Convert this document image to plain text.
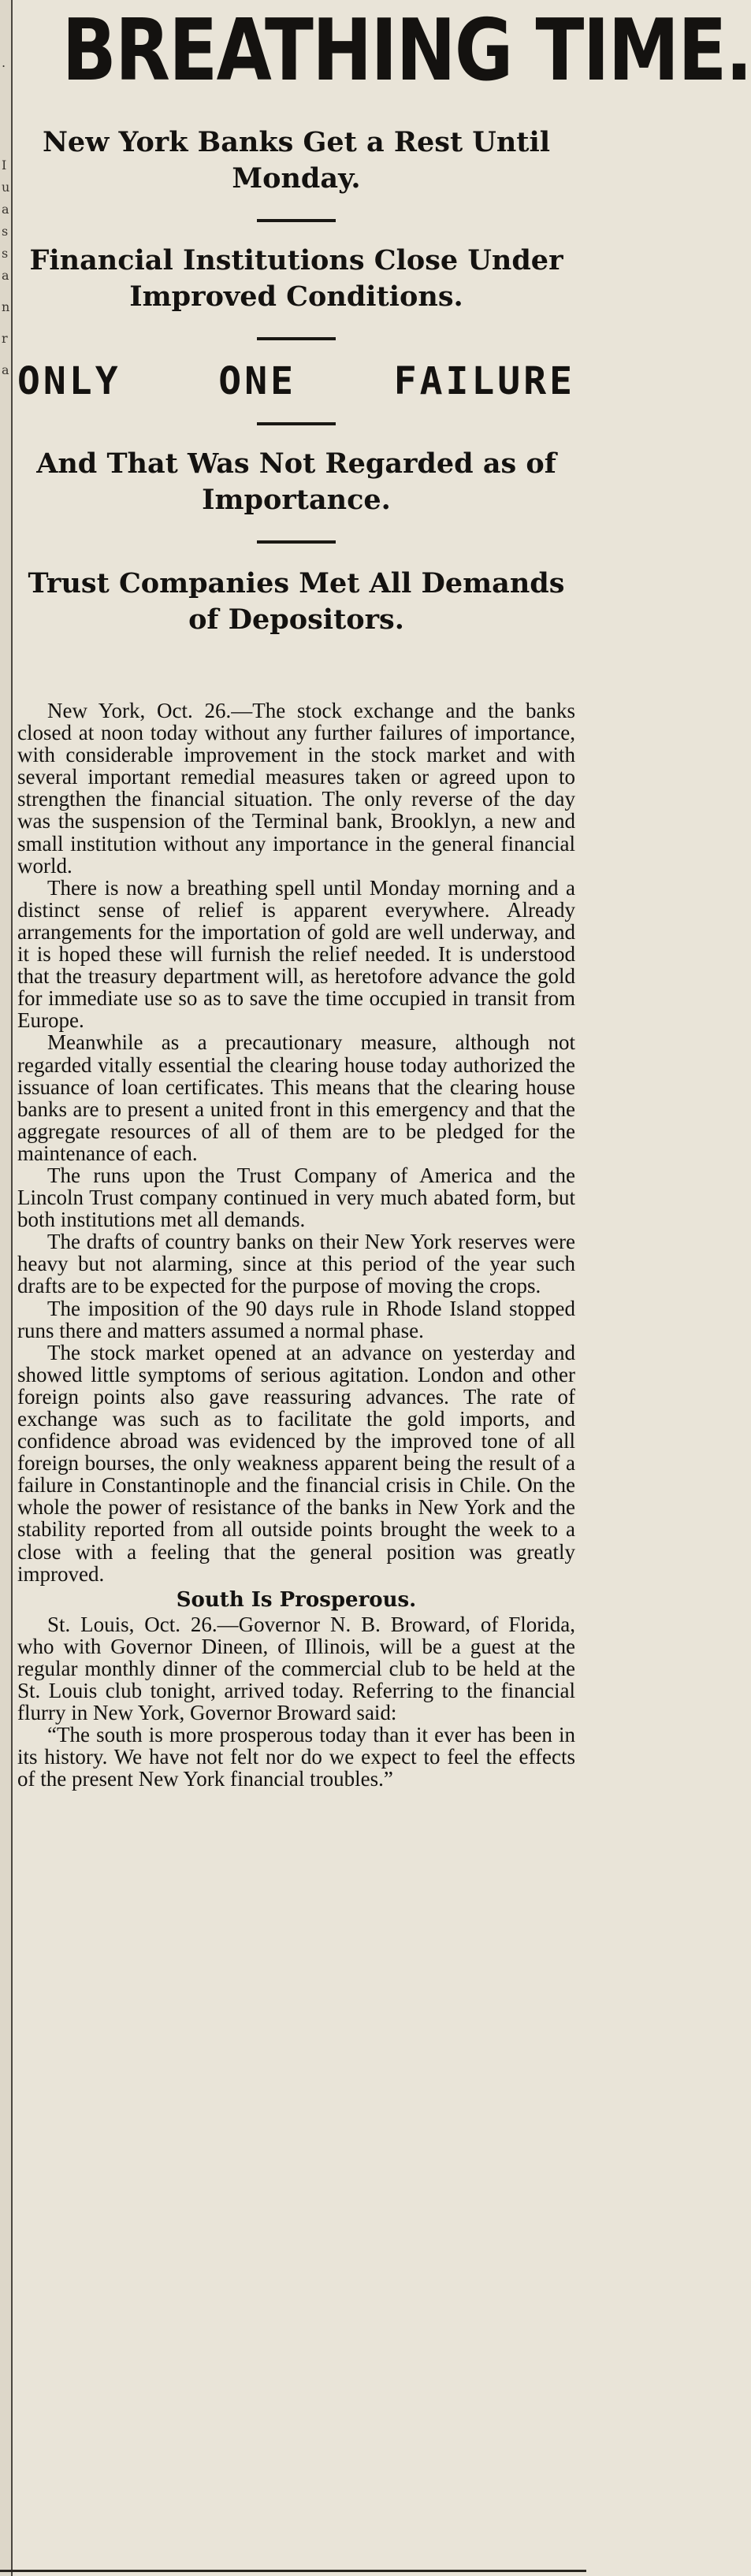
.
I
u
a
s
s
a
n
r
a
BREATHING TIME.
New York Banks Get a Rest Until Monday.
Financial Institutions Close Under Improved Conditions.
ONLY	ONE	FAILURE
And That Was Not Regarded as of Importance.
Trust Companies Met All Demands of Depositors.

New York, Oct. 26.—The stock exchange and the banks closed at noon today without any further failures of importance, with considerable improvement in the stock market and with several important remedial measures taken or agreed upon to strengthen the financial situation. The only reverse of the day was the suspension of the Terminal bank, Brooklyn, a new and small institution without any importance in the general financial world.

There is now a breathing spell until Monday morning and a distinct sense of relief is apparent everywhere. Already arrangements for the importation of gold are well underway, and it is hoped these will furnish the relief needed. It is understood that the treasury department will, as heretofore advance the gold for immediate use so as to save the time occupied in transit from Europe.

Meanwhile as a precautionary measure, although not regarded vitally essential the clearing house today authorized the issuance of loan certificates. This means that the clearing house banks are to present a united front in this emergency and that the aggregate resources of all of them are to be pledged for the maintenance of each.

The runs upon the Trust Company of America and the Lincoln Trust company continued in very much abated form, but both institutions met all demands.

The drafts of country banks on their New York reserves were heavy but not alarming, since at this period of the year such drafts are to be expected for the purpose of moving the crops.

The imposition of the 90 days rule in Rhode Island stopped runs there and matters assumed a normal phase.

The stock market opened at an advance on yesterday and showed little symptoms of serious agitation. London and other foreign points also gave reassuring advances. The rate of exchange was such as to facilitate the gold imports, and confidence abroad was evidenced by the improved tone of all foreign bourses, the only weakness apparent being the result of a failure in Constantinople and the financial crisis in Chile. On the whole the power of resistance of the banks in New York and the stability reported from all outside points brought the week to a close with a feeling that the general position was greatly improved.

South Is Prosperous.

St. Louis, Oct. 26.—Governor N. B. Broward, of Florida, who with Governor Dineen, of Illinois, will be a guest at the regular monthly dinner of the commercial club to be held at the St. Louis club tonight, arrived today. Referring to the financial flurry in New York, Governor Broward said:

“The south is more prosperous today than it ever has been in its history. We have not felt nor do we expect to feel the effects of the present New York financial troubles.”
